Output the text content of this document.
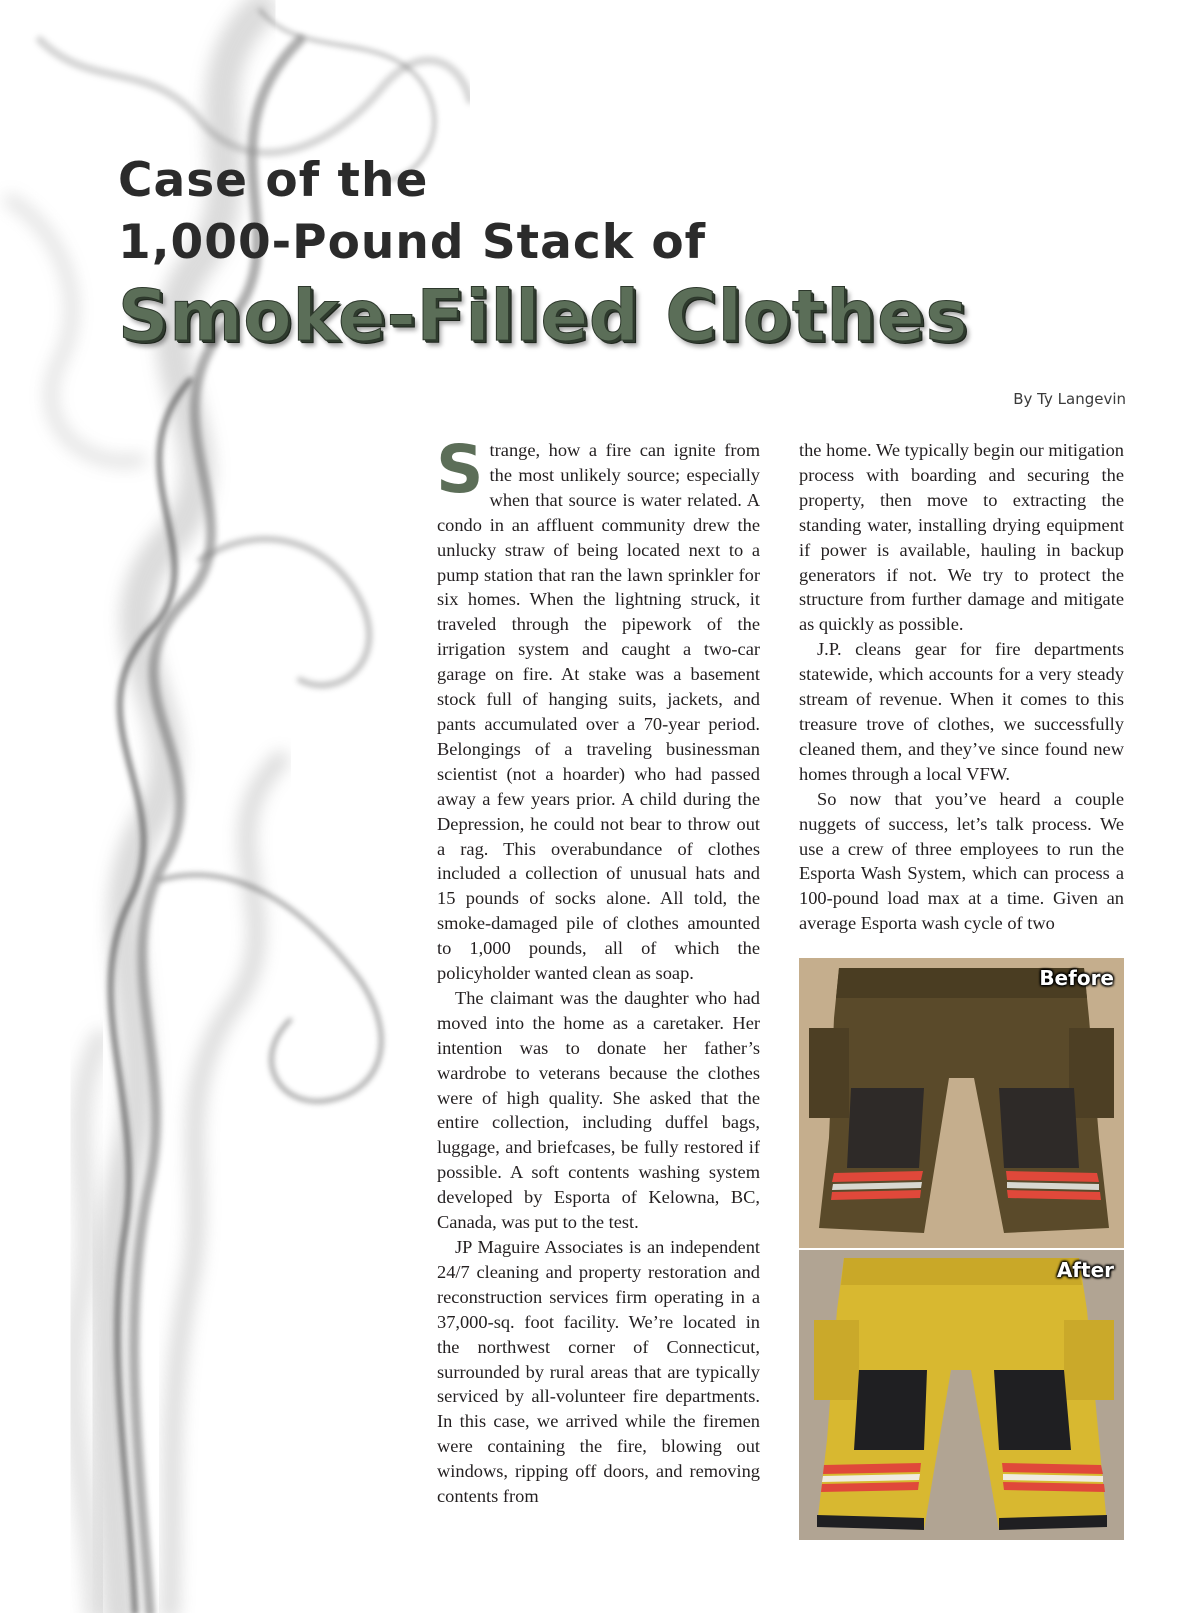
Case of the
1,000-Pound Stack of
Smoke-Filled Clothes
By Ty Langevin

Strange, how a fire can ignite from the most unlikely source; especially when that source is water related. A condo in an affluent community drew the unlucky straw of being located next to a pump station that ran the lawn sprinkler for six homes. When the lightning struck, it traveled through the pipework of the irrigation system and caught a two-car garage on fire. At stake was a basement stock full of hanging suits, jackets, and pants accumulated over a 70-year period. Belongings of a traveling businessman scientist (not a hoarder) who had passed away a few years prior. A child during the Depression, he could not bear to throw out a rag. This overabundance of clothes included a collection of unusual hats and 15 pounds of socks alone. All told, the smoke-damaged pile of clothes amounted to 1,000 pounds, all of which the policyholder wanted clean as soap.

The claimant was the daughter who had moved into the home as a caretaker. Her intention was to donate her father’s wardrobe to veterans because the clothes were of high quality. She asked that the entire collection, including duffel bags, luggage, and briefcases, be fully restored if possible. A soft contents washing system developed by Esporta of Kelowna, BC, Canada, was put to the test.

JP Maguire Associates is an independent 24/7 cleaning and property restoration and reconstruction services firm operating in a 37,000-sq. foot facility. We’re located in the northwest corner of Connecticut, surrounded by rural areas that are typically serviced by all-volunteer fire departments. In this case, we arrived while the firemen were containing the fire, blowing out windows, ripping off doors, and removing contents from

the home. We typically begin our mitigation process with boarding and securing the property, then move to extracting the standing water, installing drying equipment if power is available, hauling in backup generators if not. We try to protect the structure from further damage and mitigate as quickly as possible.

J.P. cleans gear for fire departments statewide, which accounts for a very steady stream of revenue. When it comes to this treasure trove of clothes, we successfully cleaned them, and they’ve since found new homes through a local VFW.

So now that you’ve heard a couple nuggets of success, let’s talk process. We use a crew of three employees to run the Esporta Wash System, which can process a 100-pound load max at a time. Given an average Esporta wash cycle of two

Before
After
